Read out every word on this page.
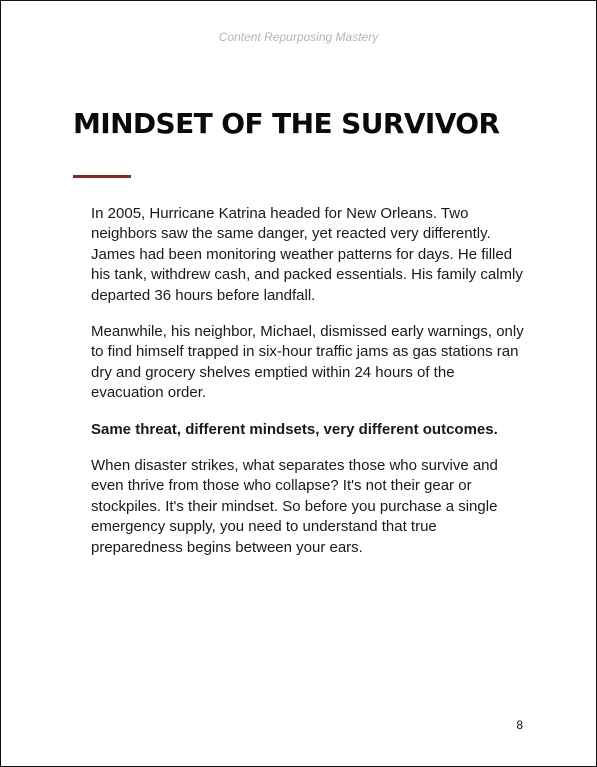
Content Repurposing Mastery
MINDSET OF THE SURVIVOR

In 2005, Hurricane Katrina headed for New Orleans. Two neighbors saw the same danger, yet reacted very differently. James had been monitoring weather patterns for days. He filled his tank, withdrew cash, and packed essentials. His family calmly departed 36 hours before landfall.

Meanwhile, his neighbor, Michael, dismissed early warnings, only to find himself trapped in six-hour traffic jams as gas stations ran dry and grocery shelves emptied within 24 hours of the evacuation order.

Same threat, different mindsets, very different outcomes.

When disaster strikes, what separates those who survive and even thrive from those who collapse? It's not their gear or stockpiles. It's their mindset. So before you purchase a single emergency supply, you need to understand that true preparedness begins between your ears.

8
